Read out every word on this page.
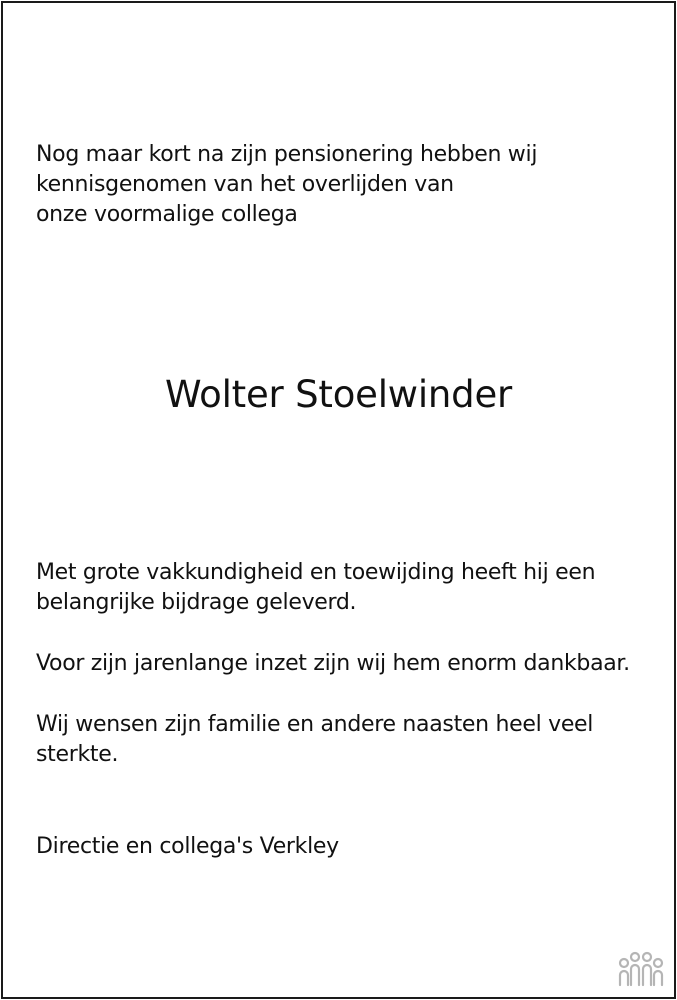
Nog maar kort na zijn pensionering hebben wij
kennisgenomen van het overlijden van
onze voormalige collega

Wolter Stoelwinder

Met grote vakkundigheid en toewijding heeft hij een
belangrijke bijdrage geleverd.

Voor zijn jarenlange inzet zijn wij hem enorm dankbaar.

Wij wensen zijn familie en andere naasten heel veel
sterkte.

Directie en collega's Verkley
